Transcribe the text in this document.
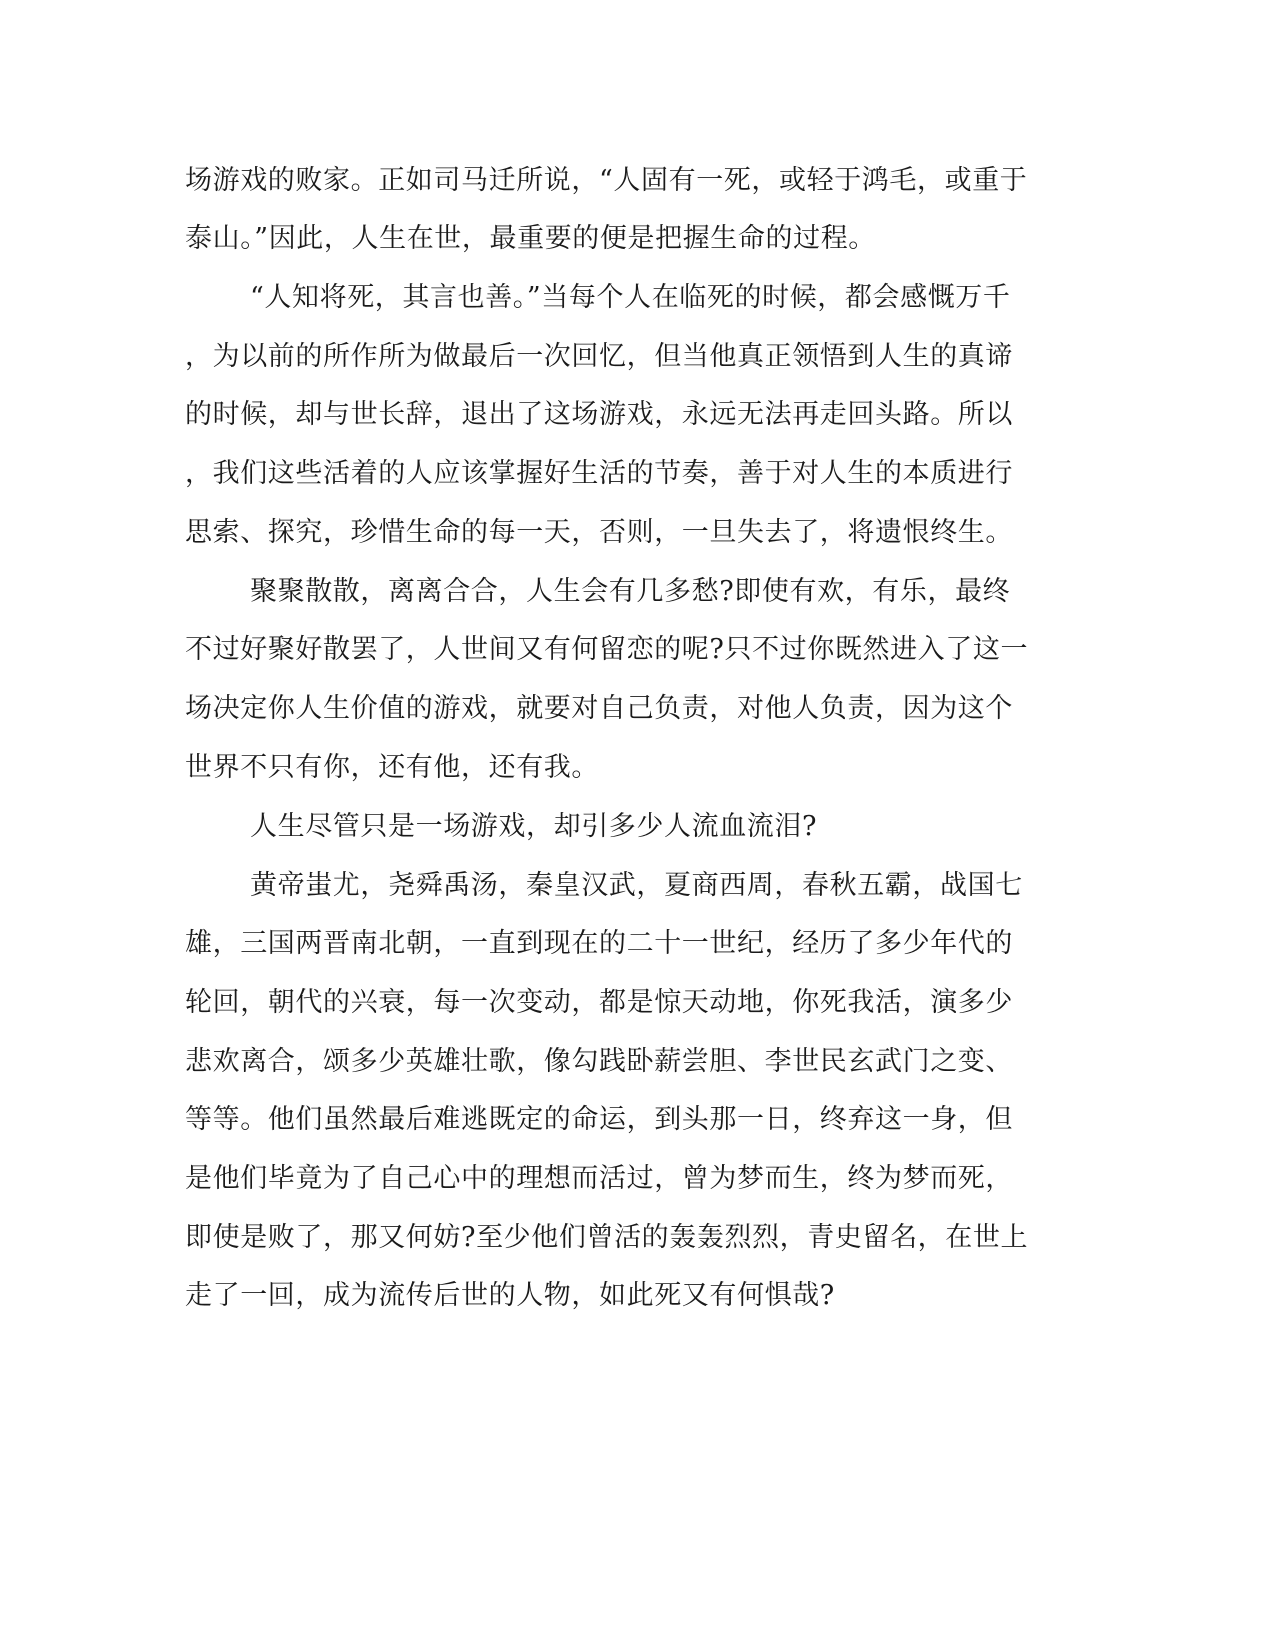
场游戏的败家。正如司马迁所说，“人固有一死，或轻于鸿毛，或重于
泰山。”因此，人生在世，最重要的便是把握生命的过程。
“人知将死，其言也善。”当每个人在临死的时候，都会感慨万千
，为以前的所作所为做最后一次回忆，但当他真正领悟到人生的真谛
的时候，却与世长辞，退出了这场游戏，永远无法再走回头路。所以
，我们这些活着的人应该掌握好生活的节奏，善于对人生的本质进行
思索、探究，珍惜生命的每一天，否则，一旦失去了，将遗恨终生。
聚聚散散，离离合合，人生会有几多愁?即使有欢，有乐，最终
不过好聚好散罢了，人世间又有何留恋的呢?只不过你既然进入了这一
场决定你人生价值的游戏，就要对自己负责，对他人负责，因为这个
世界不只有你，还有他，还有我。
人生尽管只是一场游戏，却引多少人流血流泪?
黄帝蚩尤，尧舜禹汤，秦皇汉武，夏商西周，春秋五霸，战国七
雄，三国两晋南北朝，一直到现在的二十一世纪，经历了多少年代的
轮回，朝代的兴衰，每一次变动，都是惊天动地，你死我活，演多少
悲欢离合，颂多少英雄壮歌，像勾践卧薪尝胆、李世民玄武门之变、
等等。他们虽然最后难逃既定的命运，到头那一日，终弃这一身，但
是他们毕竟为了自己心中的理想而活过，曾为梦而生，终为梦而死，
即使是败了，那又何妨?至少他们曾活的轰轰烈烈，青史留名，在世上
走了一回，成为流传后世的人物，如此死又有何惧哉?
